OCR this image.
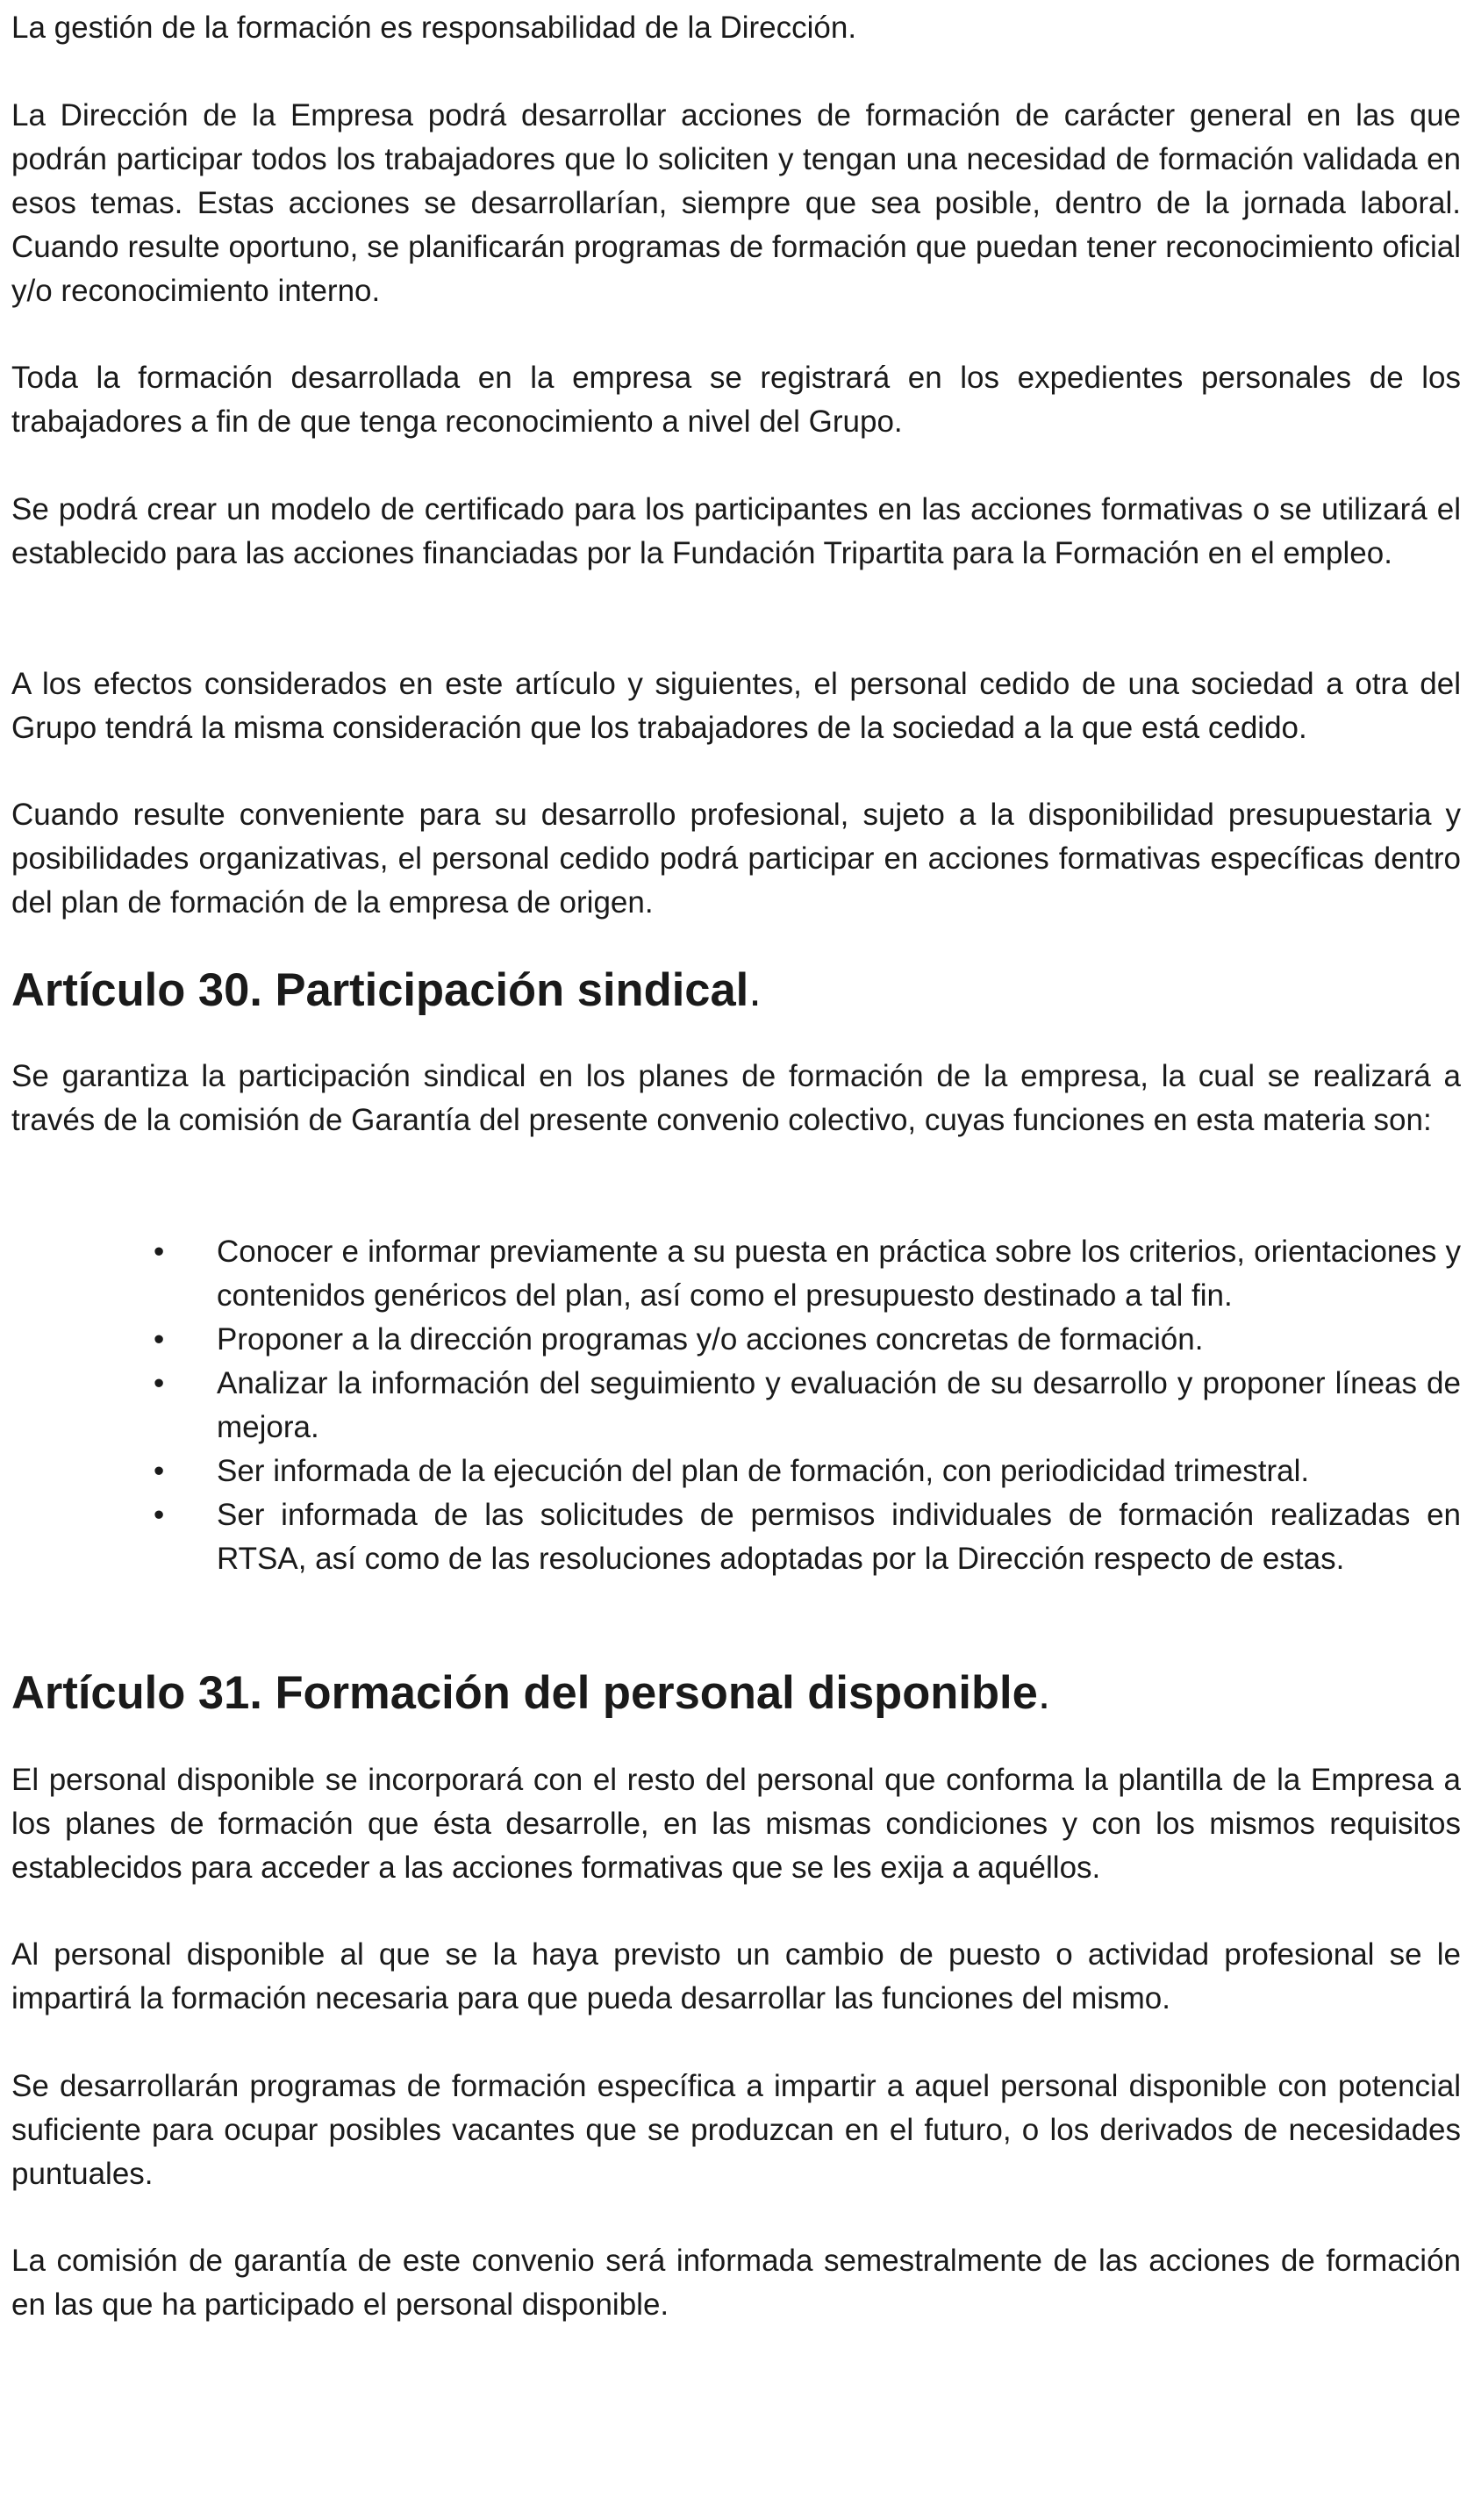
La gestión de la formación es responsabilidad de la Dirección.

La Dirección de la Empresa podrá desarrollar acciones de formación de carácter general en las que podrán participar todos los trabajadores que lo soliciten y tengan una necesidad de formación validada en esos temas. Estas acciones se desarrollarían, siempre que sea posible, dentro de la jornada laboral. Cuando resulte oportuno, se planificarán programas de formación que puedan tener reconocimiento oficial y/o reconocimiento interno.

Toda la formación desarrollada en la empresa se registrará en los expedientes personales de los trabajadores a fin de que tenga reconocimiento a nivel del Grupo.

Se podrá crear un modelo de certificado para los participantes en las acciones formativas o se utilizará el establecido para las acciones financiadas por la Fundación Tripartita para la Formación en el empleo.

A los efectos considerados en este artículo y siguientes, el personal cedido de una sociedad a otra del Grupo tendrá la misma consideración que los trabajadores de la sociedad a la que está cedido.

Cuando resulte conveniente para su desarrollo profesional, sujeto a la disponibilidad presupuestaria y posibilidades organizativas, el personal cedido podrá participar en acciones formativas específicas dentro del plan de formación de la empresa de origen.

Artículo 30. Participación sindical.

Se garantiza la participación sindical en los planes de formación de la empresa, la cual se realizará a través de la comisión de Garantía del presente convenio colectivo, cuyas funciones en esta materia son:

• Conocer e informar previamente a su puesta en práctica sobre los criterios, orientaciones y contenidos genéricos del plan, así como el presupuesto destinado a tal fin.
• Proponer a la dirección programas y/o acciones concretas de formación.
• Analizar la información del seguimiento y evaluación de su desarrollo y proponer líneas de mejora.
• Ser informada de la ejecución del plan de formación, con periodicidad trimestral.
• Ser informada de las solicitudes de permisos individuales de formación realizadas en RTSA, así como de las resoluciones adoptadas por la Dirección respecto de estas.
Artículo 31. Formación del personal disponible.

El personal disponible se incorporará con el resto del personal que conforma la plantilla de la Empresa a los planes de formación que ésta desarrolle, en las mismas condiciones y con los mismos requisitos establecidos para acceder a las acciones formativas que se les exija a aquéllos.

Al personal disponible al que se la haya previsto un cambio de puesto o actividad profesional se le impartirá la formación necesaria para que pueda desarrollar las funciones del mismo.

Se desarrollarán programas de formación específica a impartir a aquel personal disponible con potencial suficiente para ocupar posibles vacantes que se produzcan en el futuro, o los derivados de necesidades puntuales.

La comisión de garantía de este convenio será informada semestralmente de las acciones de formación en las que ha participado el personal disponible.
